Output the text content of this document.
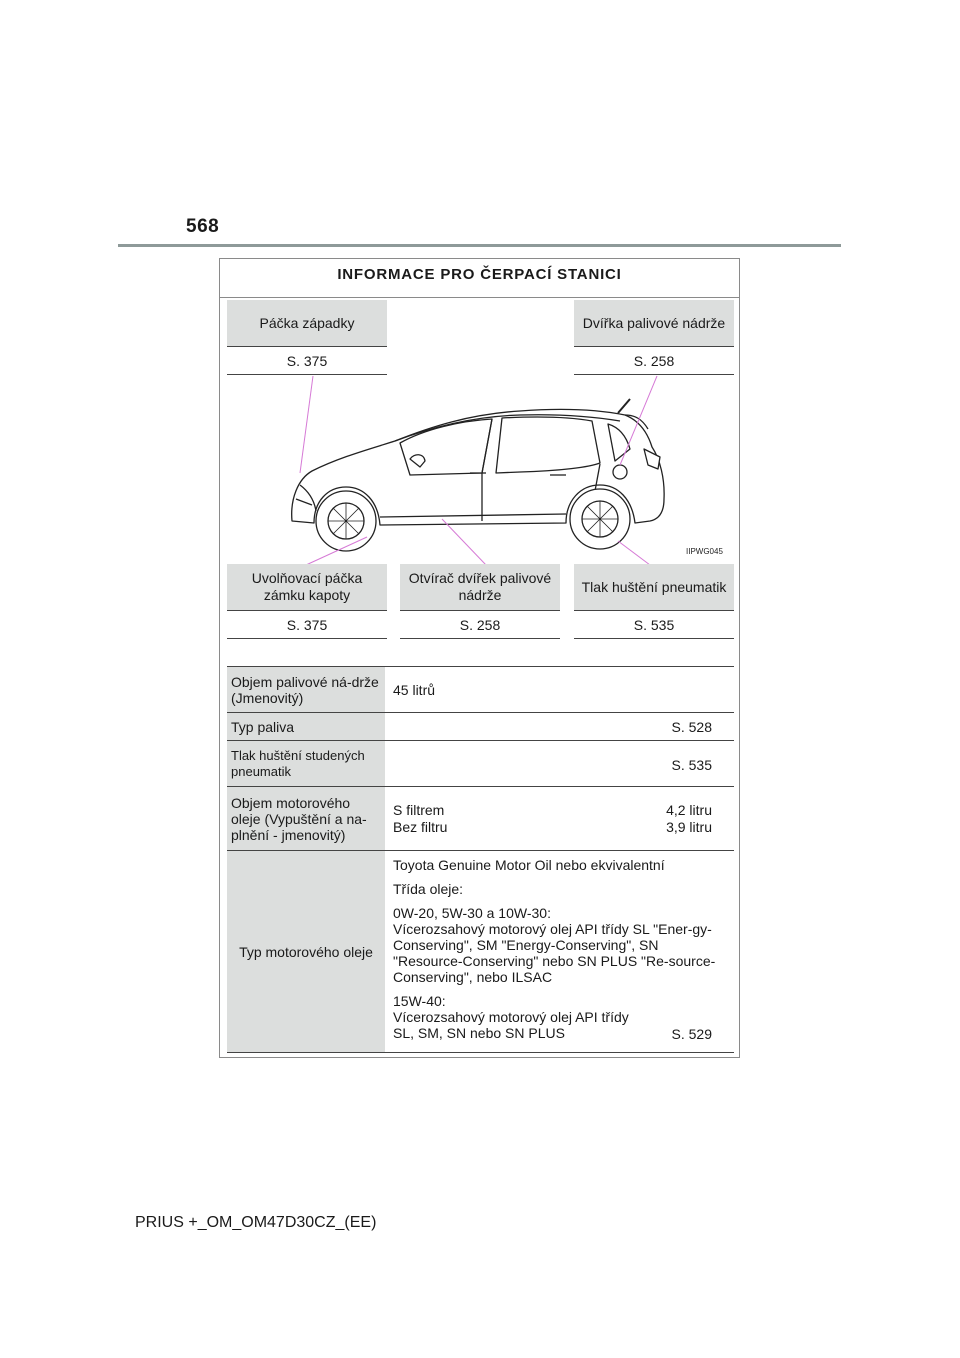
568
INFORMACE PRO ČERPACÍ STANICI
Páčka západky
S. 375
Dvířka palivové nádrže
S. 258
IIPWG045
Uvolňovací páčka zámku kapoty
S. 375
Otvírač dvířek palivové nádrže
S. 258
Tlak huštění pneumatik
S. 535
Objem palivové ná-drže (Jmenovitý)	45 litrů
Typ paliva	S. 528
Tlak huštění studených pneumatik	S. 535
Objem motorového oleje (Vypuštění a na-plnění - jmenovitý)
S filtrem	4,2 litru
Bez filtru	3,9 litru
Typ motorového oleje

Toyota Genuine Motor Oil nebo ekvivalentní

Třída oleje:

0W-20, 5W-30 a 10W-30:

Vícerozsahový motorový olej API třídy SL "Ener-gy-Conserving", SM "Energy-Conserving", SN "Resource-Conserving" nebo SN PLUS "Re-source-Conserving", nebo ILSAC

15W-40:

Vícerozsahový motorový olej API třídy SL, SM, SN nebo SN PLUS	S. 529
PRIUS +_OM_OM47D30CZ_(EE)
